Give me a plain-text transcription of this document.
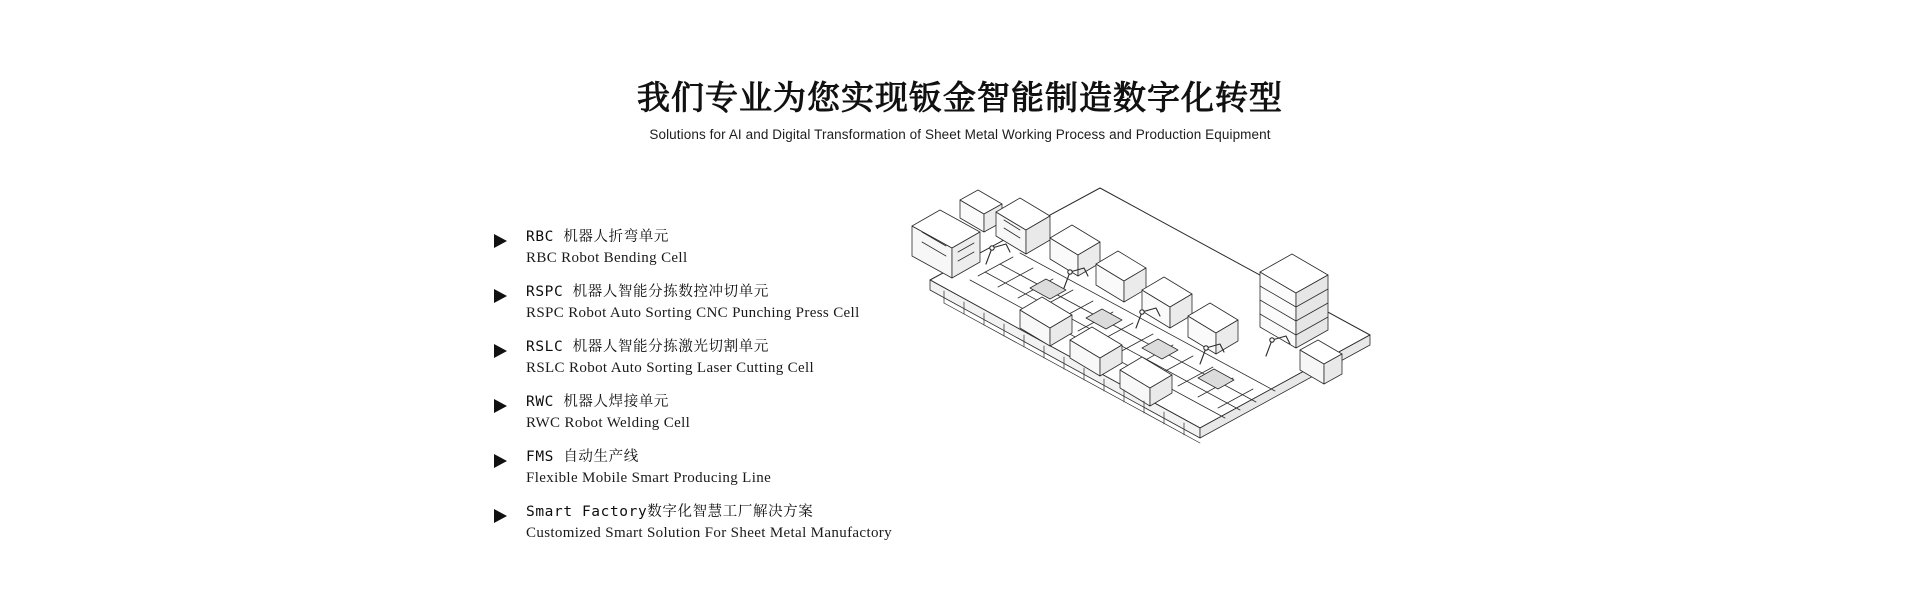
我们专业为您实现钣金智能制造数字化转型
Solutions for AI and Digital Transformation of Sheet Metal Working Process and Production Equipment
RBC 机器人折弯单元
RBC Robot Bending Cell
RSPC 机器人智能分拣数控冲切单元
RSPC Robot Auto Sorting CNC Punching Press Cell
RSLC 机器人智能分拣激光切割单元
RSLC Robot Auto Sorting Laser Cutting Cell
RWC 机器人焊接单元
RWC Robot Welding Cell
FMS 自动生产线
Flexible Mobile Smart Producing Line
Smart Factory数字化智慧工厂解决方案
Customized Smart Solution For Sheet Metal Manufactory
